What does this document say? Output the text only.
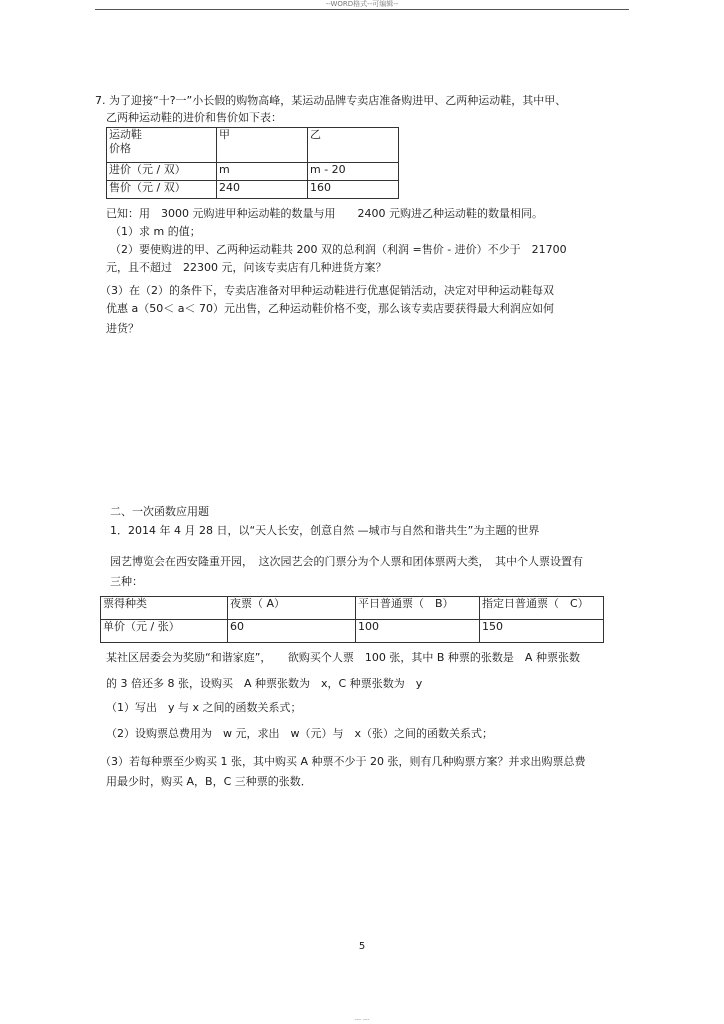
--WORD格式--可编辑--
7. 为了迎接“十?一”小长假的购物高峰，某运动品牌专卖店准备购进甲、乙两种运动鞋，其中甲、
乙两种运动鞋的进价和售价如下表：
运动鞋
价格	甲	乙
进价（元 / 双）	m	m - 20
售价（元 / 双）	240	160
已知：用　3000 元购进甲种运动鞋的数量与用　　2400 元购进乙种运动鞋的数量相同。
（1）求 m 的值；
（2）要使购进的甲、乙两种运动鞋共 200 双的总利润（利润 =售价 - 进价）不少于　21700
元，且不超过　22300 元，问该专卖店有几种进货方案？
（3）在（2）的条件下，专卖店准备对甲种运动鞋进行优惠促销活动，决定对甲种运动鞋每双
优惠 a（50＜ a＜ 70）元出售，乙种运动鞋价格不变，那么该专卖店要获得最大利润应如何
进货？
二、一次函数应用题
1．2014 年 4 月 28 日，以“天人长安，创意自然 —城市与自然和谐共生”为主题的世界
园艺博览会在西安隆重开园，　这次园艺会的门票分为个人票和团体票两大类，　其中个人票设置有
三种：
票得种类	夜票（ A）	平日普通票（　B）	指定日普通票（　C）
单价（元 / 张）	60	100	150
某社区居委会为奖励“和谐家庭”，　　欲购买个人票　100 张，其中 B 种票的张数是　A 种票张数
的 3 倍还多 8 张，设购买　A 种票张数为　x，C 种票张数为　y
（1）写出　y 与 x 之间的函数关系式；
（2）设购票总费用为　w 元，求出　w（元）与　x（张）之间的函数关系式；
（3）若每种票至少购买 1 张，其中购买 A 种票不少于 20 张，则有几种购票方案？并求出购票总费
用最少时，购买 A，B，C 三种票的张数．
5
--- ---
